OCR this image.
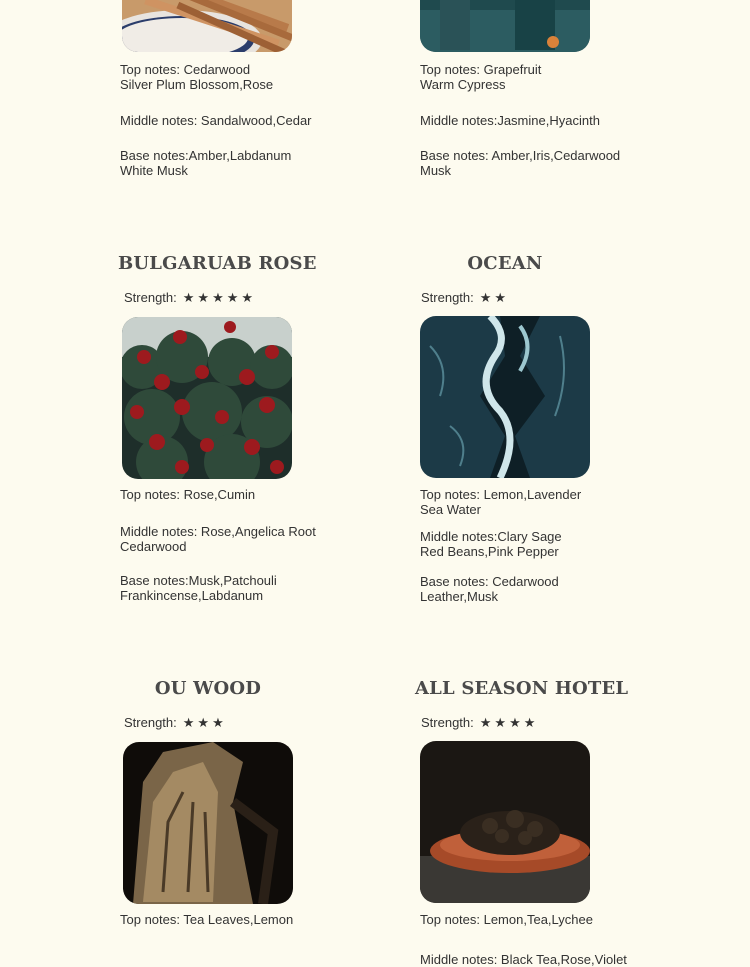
Top notes: Cedarwood
Silver Plum Blossom,Rose
Middle notes: Sandalwood,Cedar
Base notes:Amber,Labdanum
White Musk
Top notes: Grapefruit
Warm Cypress
Middle notes:Jasmine,Hyacinth
Base notes: Amber,Iris,Cedarwood
Musk
BULGARUAB ROSE
Strength: ★★★★★
Top notes: Rose,Cumin
Middle notes: Rose,Angelica Root
Cedarwood
Base notes:Musk,Patchouli
Frankincense,Labdanum
OCEAN
Strength: ★★
Top notes: Lemon,Lavender
Sea Water
Middle notes:Clary Sage
Red Beans,Pink Pepper
Base notes: Cedarwood
Leather,Musk
OU WOOD
Strength: ★★★
Top notes: Tea Leaves,Lemon
ALL SEASON HOTEL
Strength: ★★★★
Top notes: Lemon,Tea,Lychee
Middle notes: Black Tea,Rose,Violet
